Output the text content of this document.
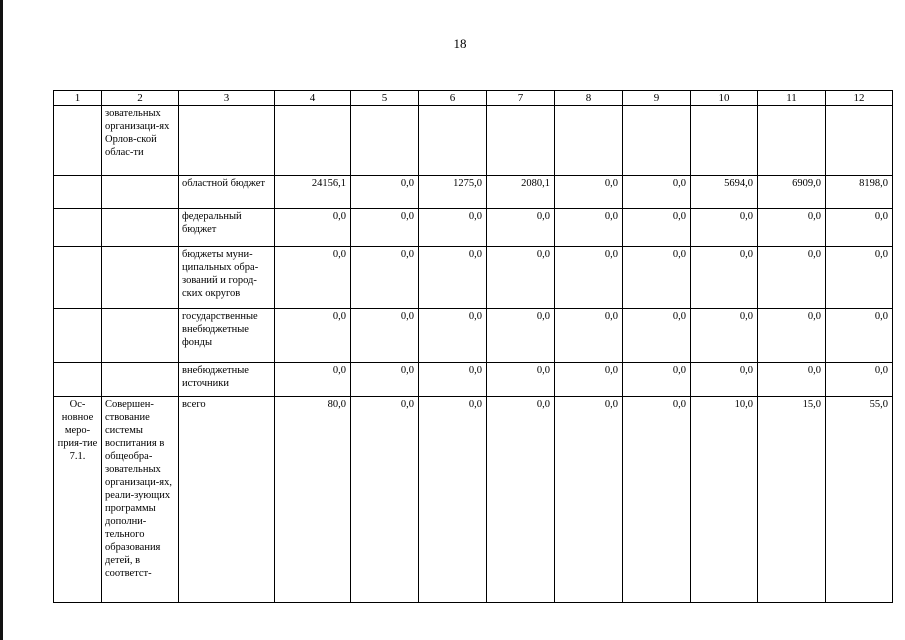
18
1	2	3	4	5	6	7	8	9	10	11	12
	зовательных организаци-ях Орлов-ской облас-ти										
		областной бюджет	24156,1	0,0	1275,0	2080,1	0,0	0,0	5694,0	6909,0	8198,0
		федеральный бюджет	0,0	0,0	0,0	0,0	0,0	0,0	0,0	0,0	0,0
		бюджеты муни-ципальных обра-зований и город-ских округов	0,0	0,0	0,0	0,0	0,0	0,0	0,0	0,0	0,0
		государственные внебюджетные фонды	0,0	0,0	0,0	0,0	0,0	0,0	0,0	0,0	0,0
		внебюджетные источники	0,0	0,0	0,0	0,0	0,0	0,0	0,0	0,0	0,0
Ос-новное меро-прия-тие 7.1.	Совершен-ствование системы воспитания в общеобра-зовательных организаци-ях, реали-зующих программы дополни-тельного образования детей, в соответст-	всего	80,0	0,0	0,0	0,0	0,0	0,0	10,0	15,0	55,0
